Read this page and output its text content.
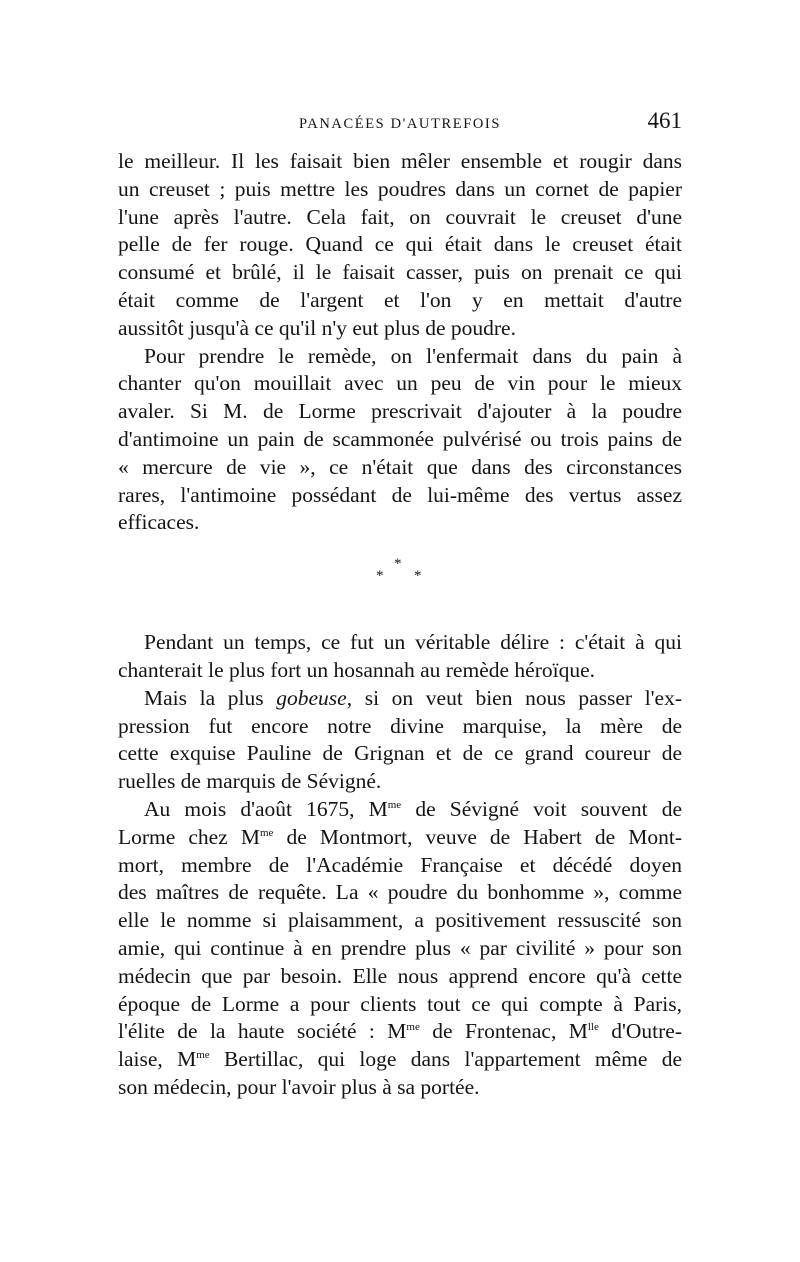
PANACÉES D'AUTREFOIS	461
le meilleur. Il les faisait bien mêler ensemble et rougir dans
un creuset ; puis mettre les poudres dans un cornet de papier
l'une après l'autre. Cela fait, on couvrait le creuset d'une
pelle de fer rouge. Quand ce qui était dans le creuset était
consumé et brûlé, il le faisait casser, puis on prenait ce qui
était comme de l'argent et l'on y en mettait d'autre
aussitôt jusqu'à ce qu'il n'y eut plus de poudre.
Pour prendre le remède, on l'enfermait dans du pain à
chanter qu'on mouillait avec un peu de vin pour le mieux
avaler. Si M. de Lorme prescrivait d'ajouter à la poudre
d'antimoine un pain de scammonée pulvérisé ou trois pains de
« mercure de vie », ce n'était que dans des circonstances
rares, l'antimoine possédant de lui-même des vertus assez
efficaces.
*
* *
Pendant un temps, ce fut un véritable délire : c'était à qui
chanterait le plus fort un hosannah au remède héroïque.
Mais la plus gobeuse, si on veut bien nous passer l'ex-
pression fut encore notre divine marquise, la mère de
cette exquise Pauline de Grignan et de ce grand coureur de
ruelles de marquis de Sévigné.
Au mois d'août 1675, $M^{me}$ de Sévigné voit souvent de
Lorme chez $M^{me}$ de Montmort, veuve de Habert de Mont-
mort, membre de l'Académie Française et décédé doyen
des maîtres de requête. La « poudre du bonhomme », comme
elle le nomme si plaisamment, a positivement ressuscité son
amie, qui continue à en prendre plus « par civilité » pour son
médecin que par besoin. Elle nous apprend encore qu'à cette
époque de Lorme a pour clients tout ce qui compte à Paris,
l'élite de la haute société : $M^{me}$ de Frontenac, $M^{lle}$ d'Outre-
laise, $M^{me}$ Bertillac, qui loge dans l'appartement même de
son médecin, pour l'avoir plus à sa portée.
